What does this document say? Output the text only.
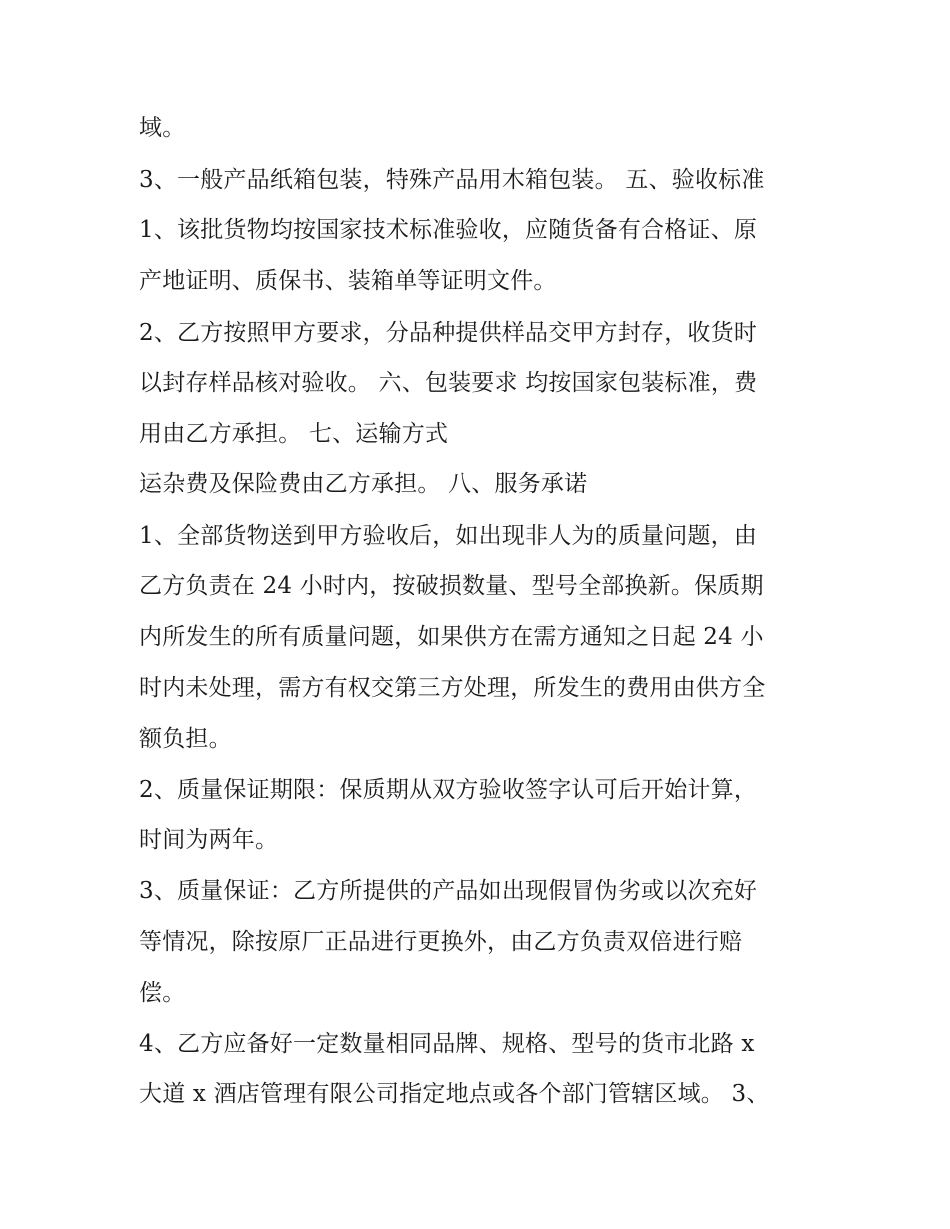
域。

3、一般产品纸箱包装，特殊产品用木箱包装。 五、验收标准

1、该批货物均按国家技术标准验收，应随货备有合格证、原

产地证明、质保书、装箱单等证明文件。

2、乙方按照甲方要求，分品种提供样品交甲方封存，收货时

以封存样品核对验收。 六、包装要求 均按国家包装标准，费

用由乙方承担。 七、运输方式

运杂费及保险费由乙方承担。 八、服务承诺

1、全部货物送到甲方验收后，如出现非人为的质量问题，由

乙方负责在 24 小时内，按破损数量、型号全部换新。保质期

内所发生的所有质量问题，如果供方在需方通知之日起 24 小

时内未处理，需方有权交第三方处理，所发生的费用由供方全

额负担。

2、质量保证期限：保质期从双方验收签字认可后开始计算，

时间为两年。

3、质量保证：乙方所提供的产品如出现假冒伪劣或以次充好

等情况，除按原厂正品进行更换外，由乙方负责双倍进行赔

偿。

4、乙方应备好一定数量相同品牌、规格、型号的货市北路 x

大道 x 酒店管理有限公司指定地点或各个部门管辖区域。 3、
